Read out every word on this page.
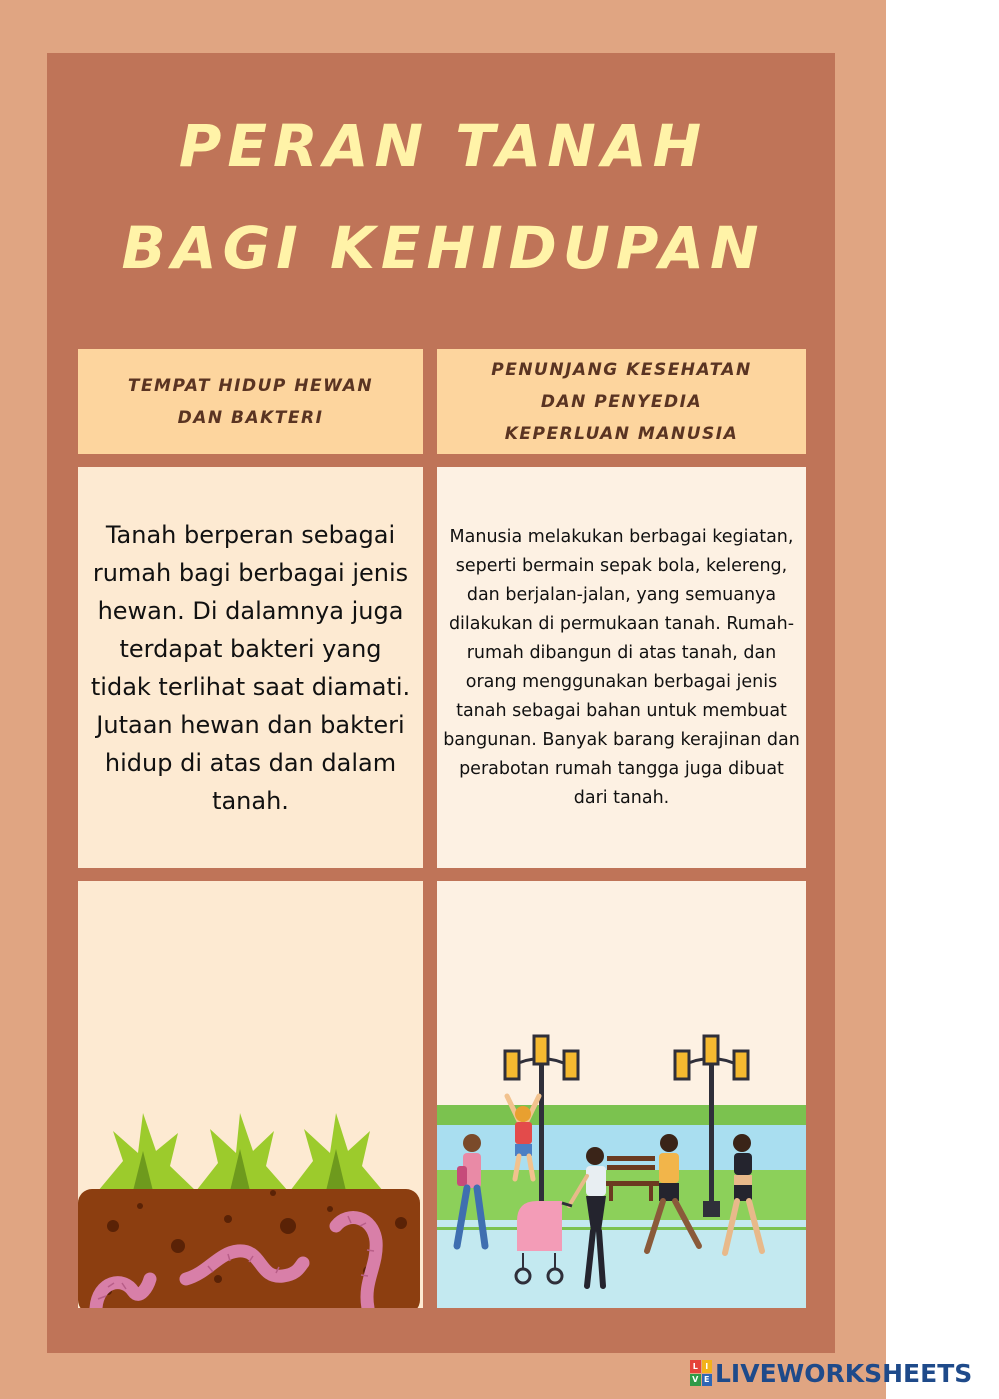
PERAN TANAH
BAGI KEHIDUPAN
TEMPAT HIDUP HEWAN DAN BAKTERI
PENUNJANG KESEHATAN DAN PENYEDIA KEPERLUAN MANUSIA
Tanah berperan sebagai rumah bagi berbagai jenis hewan. Di dalamnya juga terdapat bakteri yang tidak terlihat saat diamati. Jutaan hewan dan bakteri hidup di atas dan dalam tanah.
Manusia melakukan berbagai kegiatan, seperti bermain sepak bola, kelereng, dan berjalan-jalan, yang semuanya dilakukan di permukaan tanah. Rumah-rumah dibangun di atas tanah, dan orang menggunakan berbagai jenis tanah sebagai bahan untuk membuat bangunan. Banyak barang kerajinan dan perabotan rumah tangga juga dibuat dari tanah.
L I
V E LIVEWORKSHEETS
